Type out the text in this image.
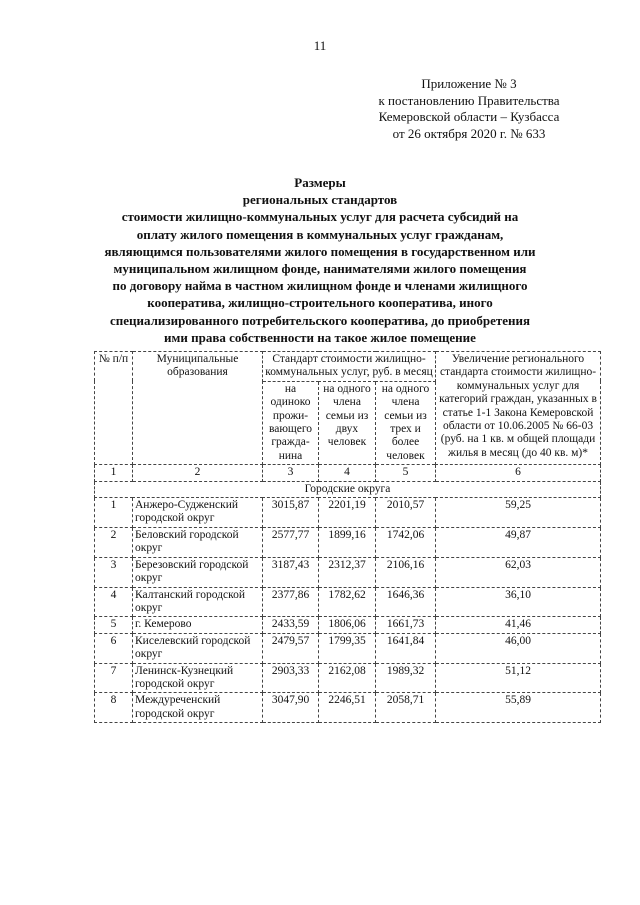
11
Приложение № 3
к постановлению Правительства
Кемеровской области – Кузбасса
от 26 октября 2020 г. № 633
Размеры
региональных стандартов
стоимости жилищно-коммунальных услуг для расчета субсидий на
оплату жилого помещения в коммунальных услуг гражданам,
являющимся пользователями жилого помещения в государственном или
муниципальном жилищном фонде, нанимателями жилого помещения
по договору найма в частном жилищном фонде и членами жилищного
кооператива, жилищно-строительного кооператива, иного
специализированного потребительского кооператива, до приобретения
ими права собственности на такое жилое помещение
№ п/п	Муниципальные образования	Стандарт стоимости жилищно-коммунальных услуг, руб. в месяц			Увеличение регионального стандарта стоимости жилищно-коммунальных услуг для категорий граждан, указанных в статье 1-1 Закона Кемеровской области от 10.06.2005 № 66-03 (руб. на 1 кв. м общей площади жилья в месяц (до 40 кв. м)*
		на одиноко прожи-вающего гражда-нина	на одного члена семьи из двух человек	на одного члена семьи из трех и более человек	
1	2	3	4	5	6
Городские округа					
1	Анжеро-Судженский городской округ	3015,87	2201,19	2010,57	59,25
2	Беловский городской округ	2577,77	1899,16	1742,06	49,87
3	Березовский городской округ	3187,43	2312,37	2106,16	62,03
4	Калтанский городской округ	2377,86	1782,62	1646,36	36,10
5	г. Кемерово	2433,59	1806,06	1661,73	41,46
6	Киселевский городской округ	2479,57	1799,35	1641,84	46,00
7	Ленинск-Кузнецкий городской округ	2903,33	2162,08	1989,32	51,12
8	Междуреченский городской округ	3047,90	2246,51	2058,71	55,89
